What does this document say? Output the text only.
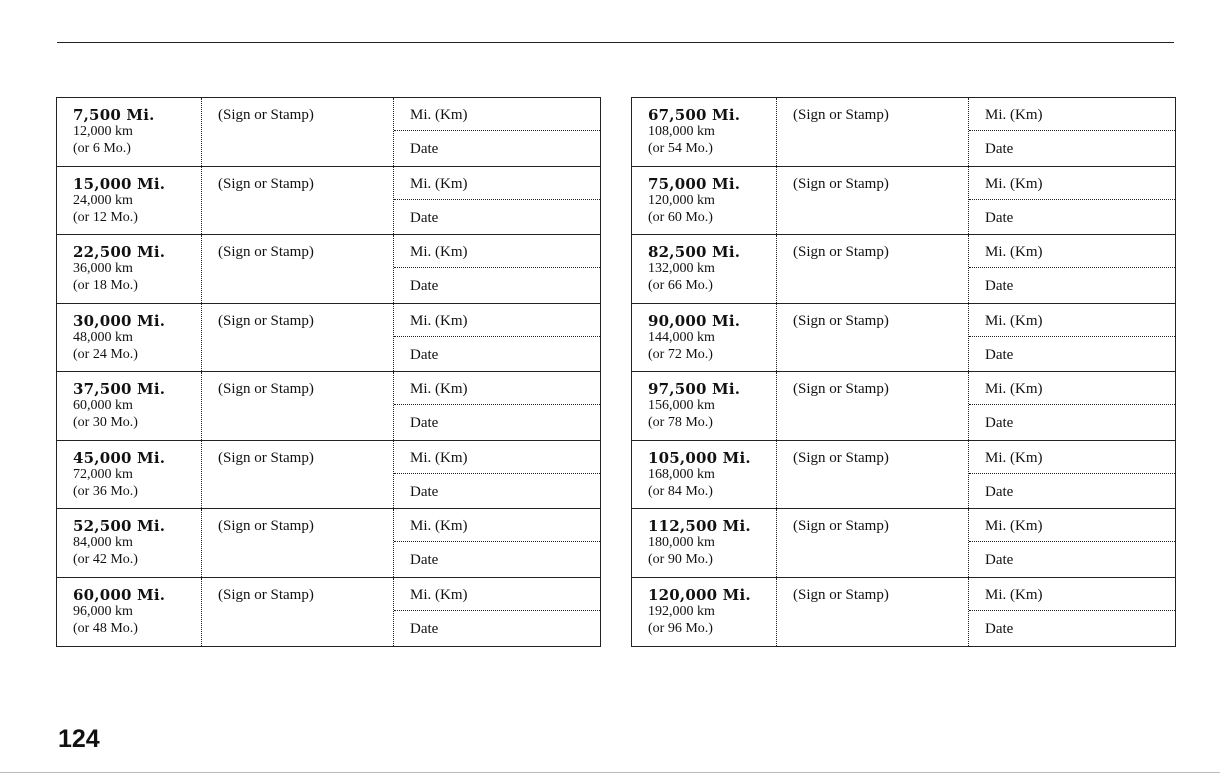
7,500 Mi.
12,000 km
(or 6 Mo.)
(Sign or Stamp)	Mi. (Km)
Date
15,000 Mi.
24,000 km
(or 12 Mo.)
(Sign or Stamp)	Mi. (Km)
Date
22,500 Mi.
36,000 km
(or 18 Mo.)
(Sign or Stamp)	Mi. (Km)
Date
30,000 Mi.
48,000 km
(or 24 Mo.)
(Sign or Stamp)	Mi. (Km)
Date
37,500 Mi.
60,000 km
(or 30 Mo.)
(Sign or Stamp)	Mi. (Km)
Date
45,000 Mi.
72,000 km
(or 36 Mo.)
(Sign or Stamp)	Mi. (Km)
Date
52,500 Mi.
84,000 km
(or 42 Mo.)
(Sign or Stamp)	Mi. (Km)
Date
60,000 Mi.
96,000 km
(or 48 Mo.)
(Sign or Stamp)	Mi. (Km)
Date
67,500 Mi.
108,000 km
(or 54 Mo.)
(Sign or Stamp)	Mi. (Km)
Date
75,000 Mi.
120,000 km
(or 60 Mo.)
(Sign or Stamp)	Mi. (Km)
Date
82,500 Mi.
132,000 km
(or 66 Mo.)
(Sign or Stamp)	Mi. (Km)
Date
90,000 Mi.
144,000 km
(or 72 Mo.)
(Sign or Stamp)	Mi. (Km)
Date
97,500 Mi.
156,000 km
(or 78 Mo.)
(Sign or Stamp)	Mi. (Km)
Date
105,000 Mi.
168,000 km
(or 84 Mo.)
(Sign or Stamp)	Mi. (Km)
Date
112,500 Mi.
180,000 km
(or 90 Mo.)
(Sign or Stamp)	Mi. (Km)
Date
120,000 Mi.
192,000 km
(or 96 Mo.)
(Sign or Stamp)	Mi. (Km)
Date
124
